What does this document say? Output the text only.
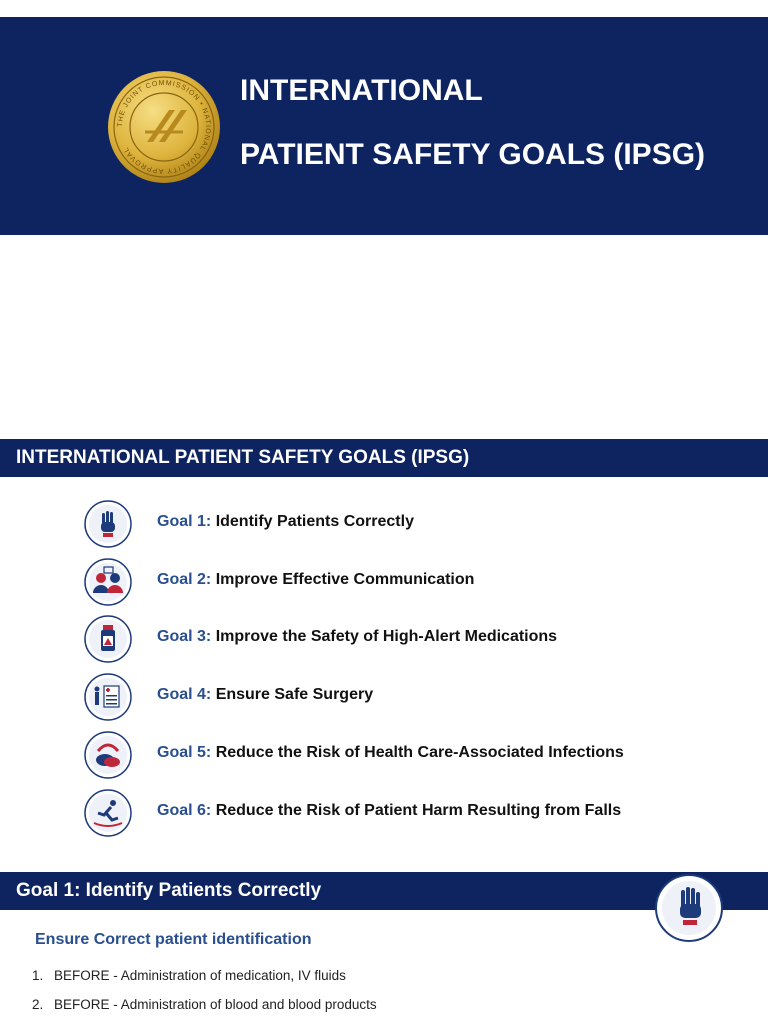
THE JOINT COMMISSION • NATIONAL QUALITY APPROVAL
INTERNATIONAL
PATIENT SAFETY GOALS (IPSG)
INTERNATIONAL PATIENT SAFETY GOALS (IPSG)
Goal 1: Identify Patients Correctly
Goal 2: Improve Effective Communication
Goal 3: Improve the Safety of High-Alert Medications
Goal 4: Ensure Safe Surgery
Goal 5: Reduce the Risk of Health Care-Associated Infections
Goal 6: Reduce the Risk of Patient Harm Resulting from Falls
Goal 1: Identify Patients Correctly
Ensure Correct patient identification
1. BEFORE - Administration of medication, IV fluids
2. BEFORE - Administration of blood and blood products
